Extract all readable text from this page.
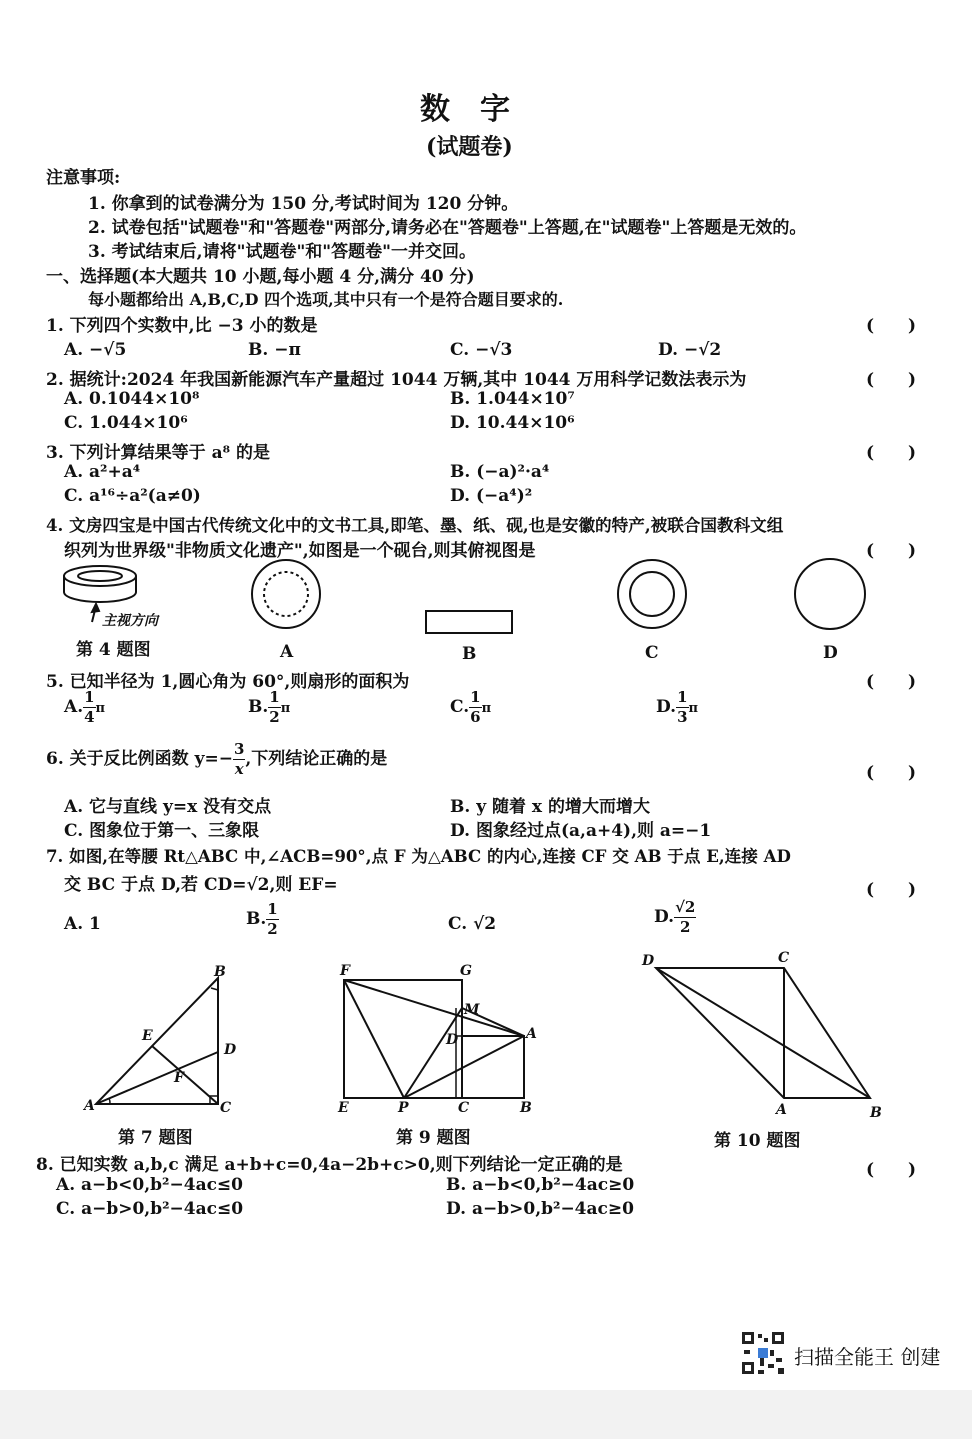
数　字
(试题卷)
注意事项:
1. 你拿到的试卷满分为 150 分,考试时间为 120 分钟。
2. 试卷包括"试题卷"和"答题卷"两部分,请务必在"答题卷"上答题,在"试题卷"上答题是无效的。
3. 考试结束后,请将"试题卷"和"答题卷"一并交回。
一、选择题(本大题共 10 小题,每小题 4 分,满分 40 分)
每小题都给出 A,B,C,D 四个选项,其中只有一个是符合题目要求的.
1. 下列四个实数中,比 −3 小的数是	(　　)
A. −√5	B. −π	C. −√3	D. −√2
2. 据统计:2024 年我国新能源汽车产量超过 1044 万辆,其中 1044 万用科学记数法表示为	(　　)
A. 0.1044×10⁸	B. 1.044×10⁷
C. 1.044×10⁶	D. 10.44×10⁶
3. 下列计算结果等于 a⁸ 的是	(　　)
A. a²+a⁴	B. (−a)²·a⁴
C. a¹⁶÷a²(a≠0)	D. (−a⁴)²
4. 文房四宝是中国古代传统文化中的文书工具,即笔、墨、纸、砚,也是安徽的特产,被联合国教科文组
织列为世界级"非物质文化遗产",如图是一个砚台,则其俯视图是	(　　)
主视方向
第 4 题图	A	B	C	D
5. 已知半径为 1,圆心角为 60°,则扇形的面积为	(　　)
A. $\frac{1}{4}$ π	B. $\frac{1}{2}$ π	C. $\frac{1}{6}$ π	D. $\frac{1}{3}$ π
6. 关于反比例函数 $y=- \frac{3}{x}$ ,下列结论正确的是
(　　)
A. 它与直线 y=x 没有交点	B. y 随着 x 的增大而增大
C. 图象位于第一、三象限	D. 图象经过点(a,a+4),则 a=−1
7. 如图,在等腰 Rt△ABC 中,∠ACB=90°,点 F 为△ABC 的内心,连接 CF 交 AB 于点 E,连接 AD
交 BC 于点 D,若 CD=√2,则 EF=	(　　)
A. 1	B. $\frac{1}{2}$	C. √2	D. $\frac{√2}{2}$
B
E
D
F
A	C
第 7 题图
F	G
M
D	A
E	P	C	B
第 9 题图
D	C
A	B
第 10 题图
8. 已知实数 a,b,c 满足 a+b+c=0,4a−2b+c>0,则下列结论一定正确的是	(　　)
A. a−b<0,b²−4ac≤0	B. a−b<0,b²−4ac≥0
C. a−b>0,b²−4ac≤0	D. a−b>0,b²−4ac≥0
扫描全能王 创建
